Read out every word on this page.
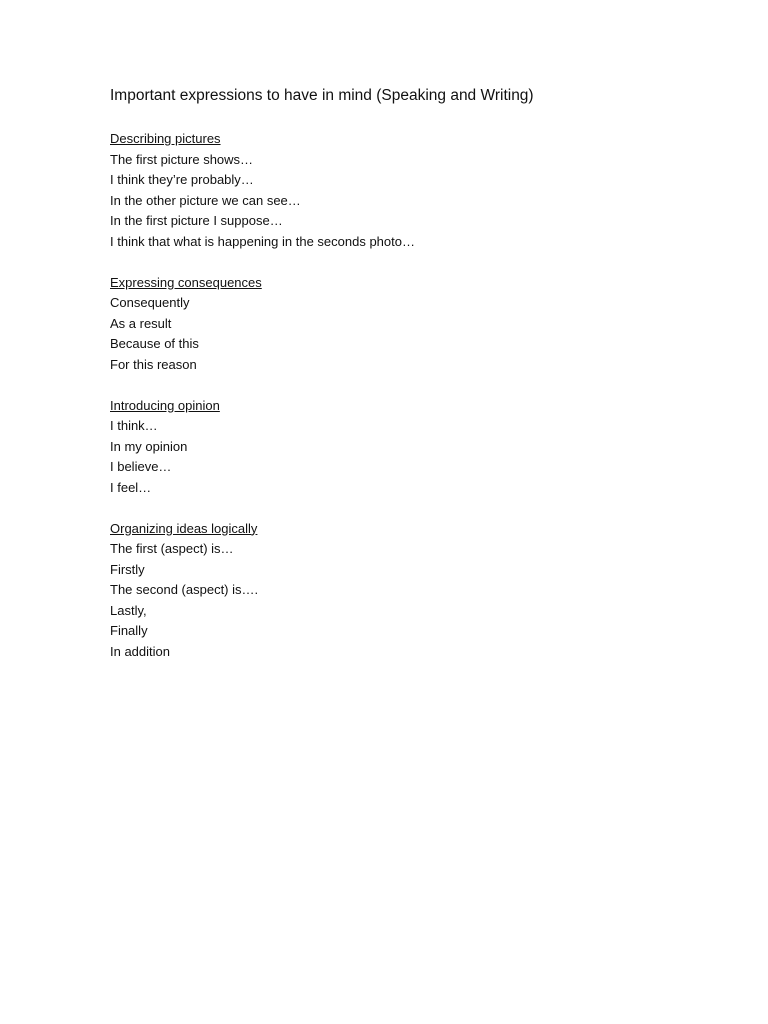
Important expressions to have in mind (Speaking and Writing)
Describing pictures
The first picture shows…
I think they’re probably…
In the other picture we can see…
In the first picture I suppose…
I think that what is happening in the seconds photo…
Expressing consequences
Consequently
As a result
Because of this
For this reason
Introducing opinion
I think…
In my opinion
I believe…
I feel…
Organizing ideas logically
The first (aspect) is…
Firstly
The second (aspect) is….
Lastly,
Finally
In addition
